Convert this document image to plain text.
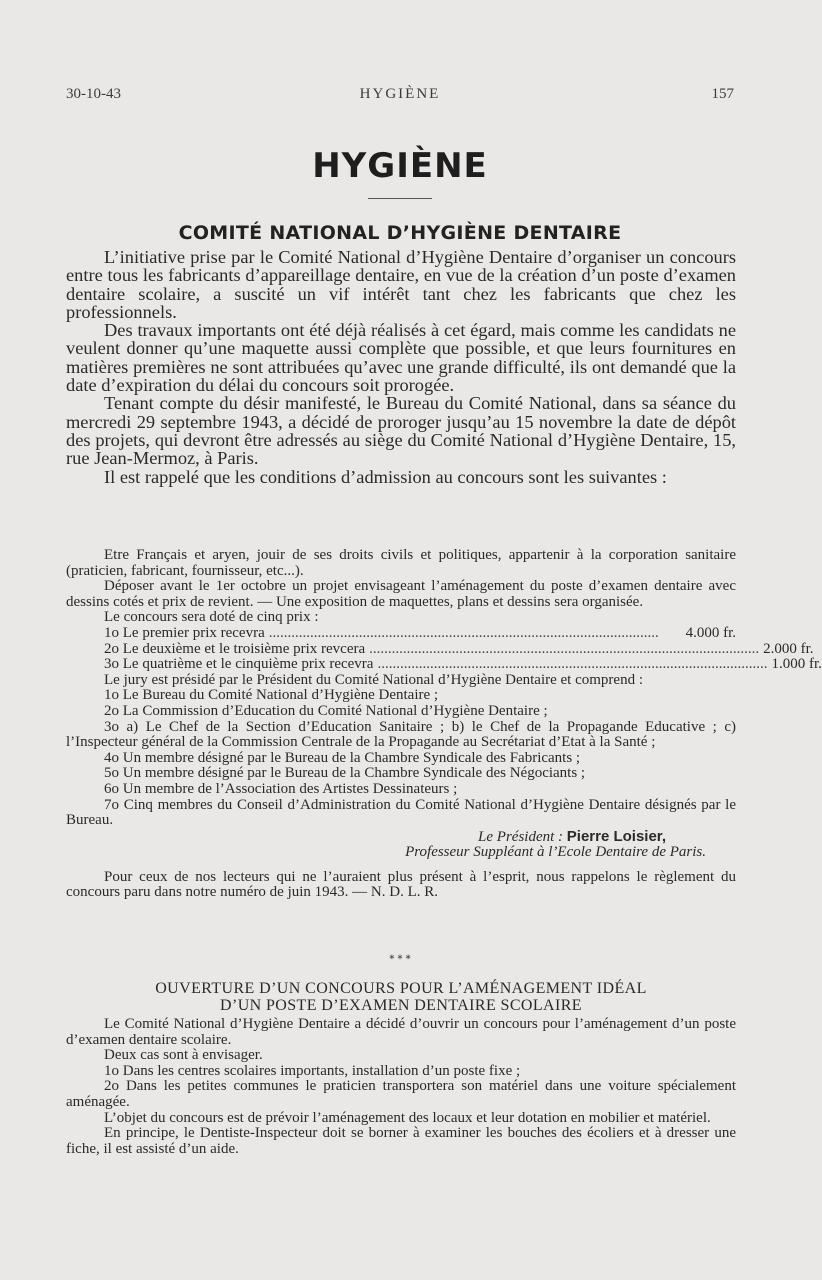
30-10-43	HYGIÈNE	157
HYGIÈNE
COMITÉ NATIONAL D’HYGIÈNE DENTAIRE

L’initiative prise par le Comité National d’Hygiène Dentaire d’organiser un concours entre tous les fabricants d’appareillage dentaire, en vue de la création d’un poste d’examen dentaire scolaire, a suscité un vif intérêt tant chez les fabricants que chez les professionnels.

Des travaux importants ont été déjà réalisés à cet égard, mais comme les candidats ne veulent donner qu’une maquette aussi complète que possible, et que leurs fournitures en matières premières ne sont attribuées qu’avec une grande difficulté, ils ont demandé que la date d’expiration du délai du concours soit prorogée.

Tenant compte du désir manifesté, le Bureau du Comité National, dans sa séance du mercredi 29 septembre 1943, a décidé de proroger jusqu’au 15 novembre la date de dépôt des projets, qui devront être adressés au siège du Comité National d’Hygiène Dentaire, 15, rue Jean-Mermoz, à Paris.

Il est rappelé que les conditions d’admission au concours sont les suivantes :

Etre Français et aryen, jouir de ses droits civils et politiques, appartenir à la corporation sanitaire (praticien, fabricant, fournisseur, etc...).

Déposer avant le 1er octobre un projet envisageant l’aménagement du poste d’examen dentaire avec dessins cotés et prix de revient. — Une exposition de maquettes, plans et dessins sera organisée.

Le concours sera doté de cinq prix :

1o Le premier prix recevra ........................................................................................................	4.000 fr.
2o Le deuxième et le troisième prix revcera ........................................................................................................ 2.000 fr.
3o Le quatrième et le cinquième prix recevra ........................................................................................................ 1.000 fr.

Le jury est présidé par le Président du Comité National d’Hygiène Dentaire et comprend :

1o Le Bureau du Comité National d’Hygiène Dentaire ;

2o La Commission d’Education du Comité National d’Hygiène Dentaire ;

3o a) Le Chef de la Section d’Education Sanitaire ; b) le Chef de la Propagande Educative ; c) l’Inspecteur général de la Commission Centrale de la Propagande au Secrétariat d’Etat à la Santé ;

4o Un membre désigné par le Bureau de la Chambre Syndicale des Fabricants ;

5o Un membre désigné par le Bureau de la Chambre Syndicale des Négociants ;

6o Un membre de l’Association des Artistes Dessinateurs ;

7o Cinq membres du Conseil d’Administration du Comité National d’Hygiène Dentaire désignés par le Bureau.

Le Président : Pierre Loisier,
Professeur Suppléant à l’Ecole Dentaire de Paris.

Pour ceux de nos lecteurs qui ne l’auraient plus présent à l’esprit, nous rappelons le règlement du concours paru dans notre numéro de juin 1943. — N. D. L. R.

* * *
OUVERTURE D’UN CONCOURS POUR L’AMÉNAGEMENT IDÉAL
D’UN POSTE D’EXAMEN DENTAIRE SCOLAIRE

Le Comité National d’Hygiène Dentaire a décidé d’ouvrir un concours pour l’aménagement d’un poste d’examen dentaire scolaire.

Deux cas sont à envisager.

1o Dans les centres scolaires importants, installation d’un poste fixe ;

2o Dans les petites communes le praticien transportera son matériel dans une voiture spécialement aménagée.

L’objet du concours est de prévoir l’aménagement des locaux et leur dotation en mobilier et matériel.

En principe, le Dentiste-Inspecteur doit se borner à examiner les bouches des écoliers et à dresser une fiche, il est assisté d’un aide.
